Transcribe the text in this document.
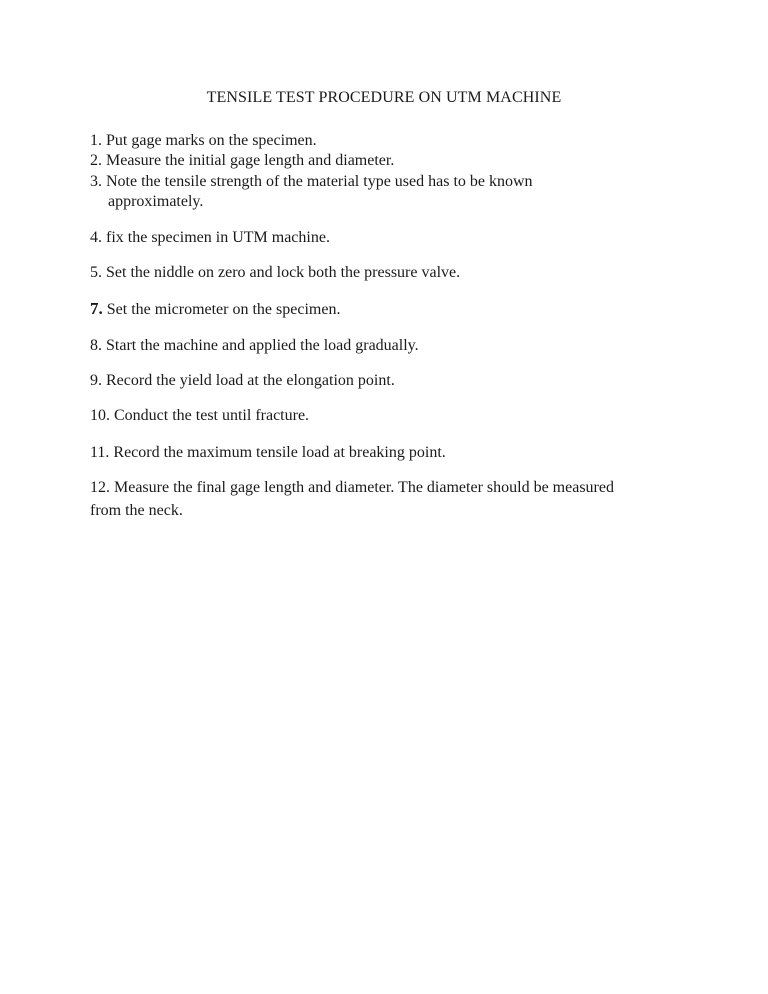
TENSILE TEST PROCEDURE ON UTM MACHINE
1. Put gage marks on the specimen.
2. Measure the initial gage length and diameter.
3. Note the tensile strength of the material type used has to be known
approximately.
4. fix the specimen in UTM machine.
5. Set the niddle on zero and lock both the pressure valve.
7. Set the micrometer on the specimen.
8. Start the machine and applied the load gradually.
9. Record the yield load at the elongation point.
10. Conduct the test until fracture.
11. Record the maximum tensile load at breaking point.
12. Measure the final gage length and diameter. The diameter should be measured
from the neck.
